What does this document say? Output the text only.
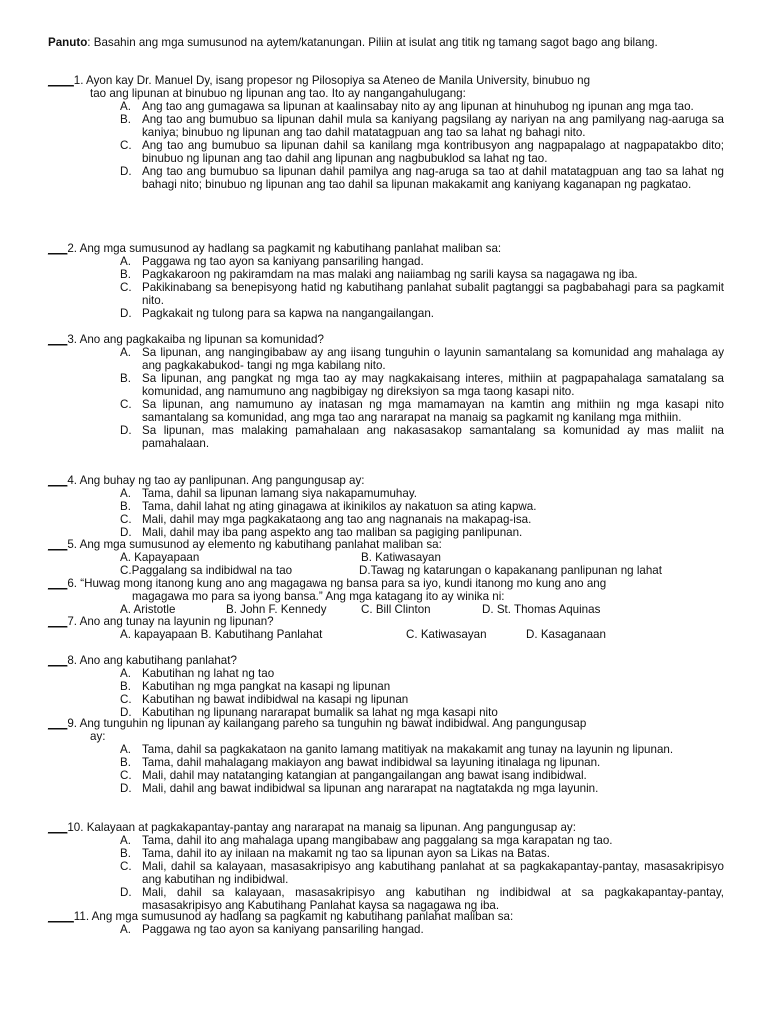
Panuto: Basahin ang mga sumusunod na aytem/katanungan. Piliin at isulat ang titik ng tamang sagot bago ang bilang.
____1. Ayon kay Dr. Manuel Dy, isang propesor ng Pilosopiya sa Ateneo de Manila University, binubuo ng
tao ang lipunan at binubuo ng lipunan ang tao. Ito ay nangangahulugang:
A. Ang tao ang gumagawa sa lipunan at kaalinsabay nito ay ang lipunan at hinuhubog ng ipunan ang mga tao.
B. Ang tao ang bumubuo sa lipunan dahil mula sa kaniyang pagsilang ay nariyan na ang pamilyang nag-aaruga sa kaniya; binubuo ng lipunan ang tao dahil matatagpuan ang tao sa lahat ng bahagi nito.
C. Ang tao ang bumubuo sa lipunan dahil sa kanilang mga kontribusyon ang nagpapalago at nagpapatakbo dito; binubuo ng lipunan ang tao dahil ang lipunan ang nagbubuklod sa lahat ng tao.
D. Ang tao ang bumubuo sa lipunan dahil pamilya ang nag-aruga sa tao at dahil matatagpuan ang tao sa lahat ng bahagi nito; binubuo ng lipunan ang tao dahil sa lipunan makakamit ang kaniyang kaganapan ng pagkatao.
___2. Ang mga sumusunod ay hadlang sa pagkamit ng kabutihang panlahat maliban sa:
A. Paggawa ng tao ayon sa kaniyang pansariling hangad.
B. Pagkakaroon ng pakiramdam na mas malaki ang naiiambag ng sarili kaysa sa nagagawa ng iba.
C. Pakikinabang sa benepisyong hatid ng kabutihang panlahat subalit pagtanggi sa pagbabahagi para sa pagkamit nito.
D. Pagkakait ng tulong para sa kapwa na nangangailangan.
___3. Ano ang pagkakaiba ng lipunan sa komunidad?
A. Sa lipunan, ang nangingibabaw ay ang iisang tunguhin o layunin samantalang sa komunidad ang mahalaga ay ang pagkakabukod- tangi ng mga kabilang nito.
B. Sa lipunan, ang pangkat ng mga tao ay may nagkakaisang interes, mithiin at pagpapahalaga samatalang sa komunidad, ang namumuno ang nagbibigay ng direksiyon sa mga taong kasapi nito.
C. Sa lipunan, ang namumuno ay inatasan ng mga mamamayan na kamtin ang mithiin ng mga kasapi nito samantalang sa komunidad, ang mga tao ang nararapat na manaig sa pagkamit ng kanilang mga mithiin.
D. Sa lipunan, mas malaking pamahalaan ang nakasasakop samantalang sa komunidad ay mas maliit na pamahalaan.
___4. Ang buhay ng tao ay panlipunan. Ang pangungusap ay:
A. Tama, dahil sa lipunan lamang siya nakapamumuhay.
B. Tama, dahil lahat ng ating ginagawa at ikinikilos ay nakatuon sa ating kapwa.
C. Mali, dahil may mga pagkakataong ang tao ang nagnanais na makapag-isa.
D. Mali, dahil may iba pang aspekto ang tao maliban sa pagiging panlipunan.
___5. Ang mga sumusunod ay elemento ng kabutihang panlahat maliban sa:
A. Kapayapaan	B. Katiwasayan
C.Paggalang sa indibidwal na tao	D.Tawag ng katarungan o kapakanang panlipunan ng lahat
___6. “Huwag mong itanong kung ano ang magagawa ng bansa para sa iyo, kundi itanong mo kung ano ang
magagawa mo para sa iyong bansa.” Ang mga katagang ito ay winika ni:
A. Aristotle	B. John F. Kennedy	C. Bill Clinton	D. St. Thomas Aquinas
___7. Ano ang tunay na layunin ng lipunan?
A. kapayapaan B. Kabutihang Panlahat	C. Katiwasayan	D. Kasaganaan
___8. Ano ang kabutihang panlahat?
A. Kabutihan ng lahat ng tao
B. Kabutihan ng mga pangkat na kasapi ng lipunan
C. Kabutihan ng bawat indibidwal na kasapi ng lipunan
D. Kabutihan ng lipunang nararapat bumalik sa lahat ng mga kasapi nito
___9. Ang tunguhin ng lipunan ay kailangang pareho sa tunguhin ng bawat indibidwal. Ang pangungusap
ay:
A. Tama, dahil sa pagkakataon na ganito lamang matitiyak na makakamit ang tunay na layunin ng lipunan.
B. Tama, dahil mahalagang makiayon ang bawat indibidwal sa layuning itinalaga ng lipunan.
C. Mali, dahil may natatanging katangian at pangangailangan ang bawat isang indibidwal.
D. Mali, dahil ang bawat indibidwal sa lipunan ang nararapat na nagtatakda ng mga layunin.
___10. Kalayaan at pagkakapantay-pantay ang nararapat na manaig sa lipunan. Ang pangungusap ay:
A. Tama, dahil ito ang mahalaga upang mangibabaw ang paggalang sa mga karapatan ng tao.
B. Tama, dahil ito ay inilaan na makamit ng tao sa lipunan ayon sa Likas na Batas.
C. Mali, dahil sa kalayaan, masasakripisyo ang kabutihang panlahat at sa pagkakapantay-pantay, masasakripisyo ang kabutihan ng indibidwal.
D. Mali, dahil sa kalayaan, masasakripisyo ang kabutihan ng indibidwal at sa pagkakapantay-pantay, masasakripisyo ang Kabutihang Panlahat kaysa sa nagagawa ng iba.
____11. Ang mga sumusunod ay hadlang sa pagkamit ng kabutihang panlahat maliban sa:
A. Paggawa ng tao ayon sa kaniyang pansariling hangad.
